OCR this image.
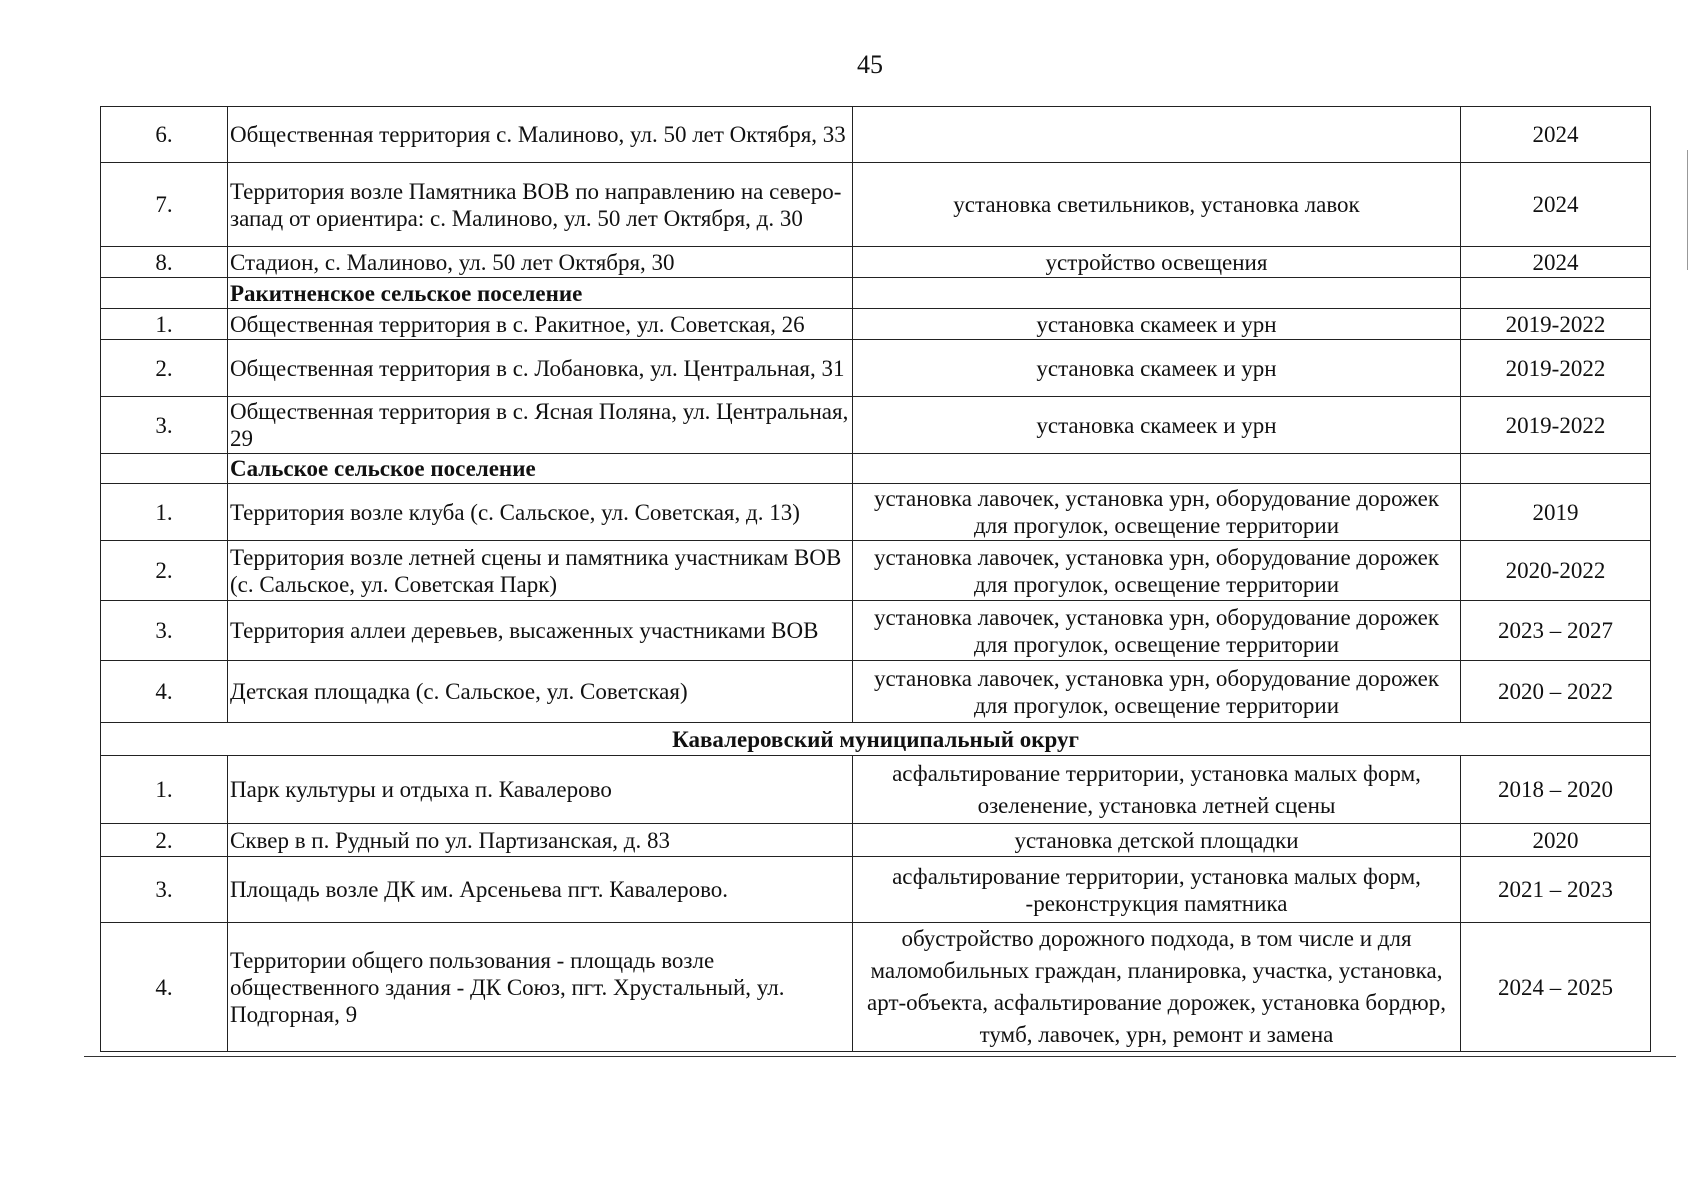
45
6.	Общественная территория с. Малиново, ул. 50 лет Октября, 33		2024
7.	Территория возле Памятника ВОВ по направлению на северо-запад от ориентира: с. Малиново, ул. 50 лет Октября, д. 30	установка светильников, установка лавок	2024
8.	Стадион, с. Малиново, ул. 50 лет Октября, 30	устройство освещения	2024
	Ракитненское сельское поселение	

1.	Общественная территория в с. Ракитное, ул. Советская, 26	установка скамеек и урн	2019-2022
2.	Общественная территория в с. Лобановка, ул. Центральная, 31	установка скамеек и урн	2019-2022
3.	Общественная территория в с. Ясная Поляна, ул. Центральная, 29	установка скамеек и урн	2019-2022
	Сальское сельское поселение	

1.	Территория возле клуба (с. Сальское, ул. Советская, д. 13)	установка лавочек, установка урн, оборудование дорожек для прогулок, освещение территории	2019
2.	Территория возле летней сцены и памятника участникам ВОВ (с. Сальское, ул. Советская Парк)	установка лавочек, установка урн, оборудование дорожек для прогулок, освещение территории	2020-2022
3.	Территория аллеи деревьев, высаженных участниками ВОВ	установка лавочек, установка урн, оборудование дорожек для прогулок, освещение территории	2023 – 2027
4.	Детская площадка (с. Сальское, ул. Советская)	установка лавочек, установка урн, оборудование дорожек для прогулок, освещение территории	2020 – 2022
Кавалеровский муниципальный округ			
1.	Парк культуры и отдыха п. Кавалерово	асфальтирование территории, установка малых форм, озеленение, установка летней сцены	2018 – 2020
2.	Сквер в п. Рудный по ул. Партизанская, д. 83	установка детской площадки	2020
3.	Площадь возле ДК им. Арсеньева пгт. Кавалерово.	асфальтирование территории, установка малых форм, -реконструкция памятника	2021 – 2023
4.	Территории общего пользования - площадь возле общественного здания - ДК Союз, пгт. Хрустальный, ул. Подгорная, 9	обустройство дорожного подхода, в том числе и для маломобильных граждан, планировка, участка, установка, арт-объекта, асфальтирование дорожек, установка бордюр, тумб, лавочек, урн, ремонт и замена	2024 – 2025
